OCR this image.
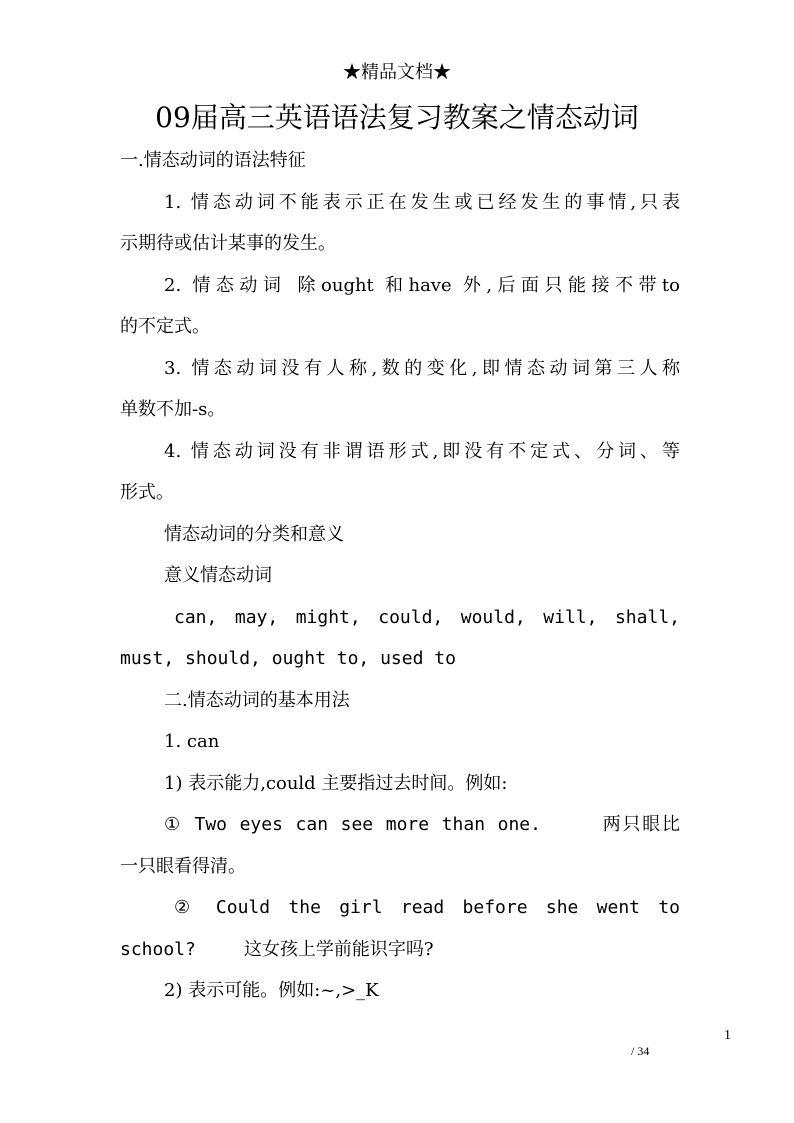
★精品文档★
09届高三英语语法复习教案之情态动词

一.情态动词的语法特征

1. 情态动词不能表示正在发生或已经发生的事情,只表

示期待或估计某事的发生。

2. 情态动词 除ought 和have 外,后面只能接不带to

的不定式。

3. 情态动词没有人称,数的变化,即情态动词第三人称

单数不加-s。

4. 情态动词没有非谓语形式,即没有不定式、分词、等

形式。

情态动词的分类和意义

意义情态动词

can, may, might, could, would, will, shall,

must, should, ought to, used to

二.情态动词的基本用法

1. can

1) 表示能力,could 主要指过去时间。例如:

① Two eyes can see more than one.	两只眼比

一只眼看得清。

② Could the girl read before she went to

school?	这女孩上学前能识字吗?

2) 表示可能。例如:~,>_K

1
/ 34
